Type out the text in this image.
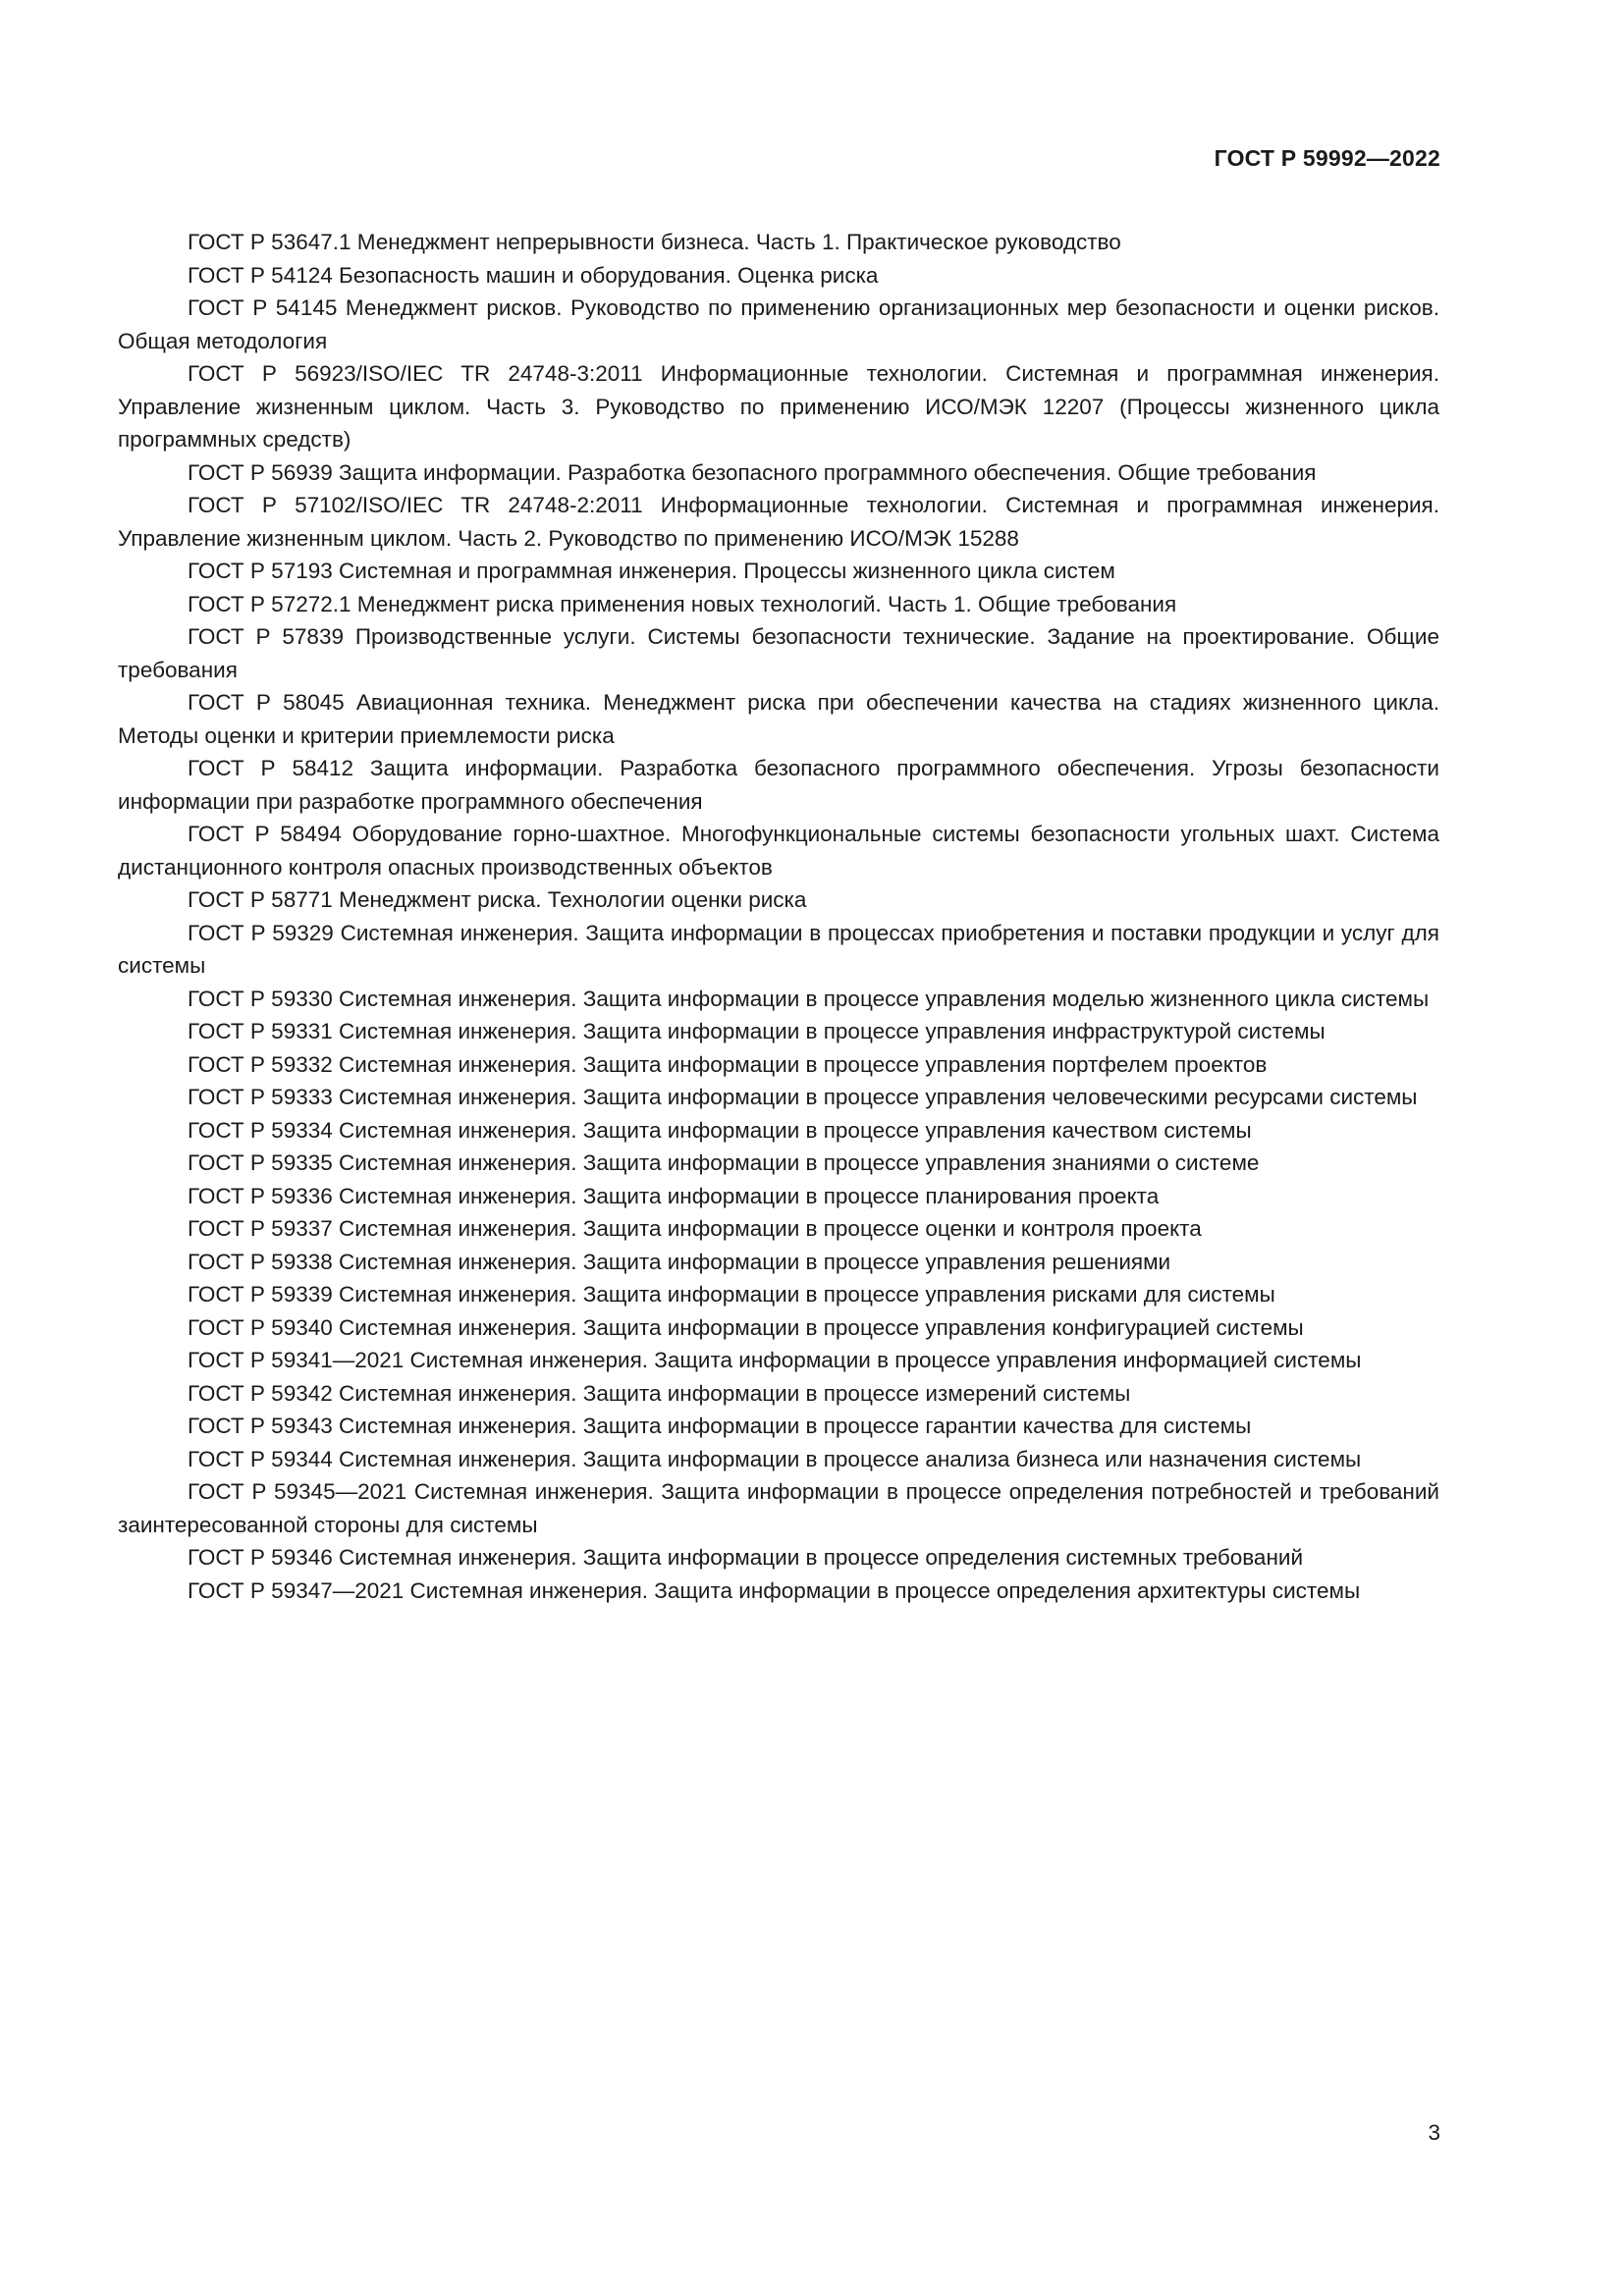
ГОСТ Р 59992—2022
ГОСТ Р 53647.1 Менеджмент непрерывности бизнеса. Часть 1. Практическое руководство
ГОСТ Р 54124 Безопасность машин и оборудования. Оценка риска
ГОСТ Р 54145 Менеджмент рисков. Руководство по применению организационных мер безопасности и оценки рисков. Общая методология
ГОСТ Р 56923/ISO/IEC TR 24748-3:2011 Информационные технологии. Системная и программная инженерия. Управление жизненным циклом. Часть 3. Руководство по применению ИСО/МЭК 12207 (Процессы жизненного цикла программных средств)
ГОСТ Р 56939 Защита информации. Разработка безопасного программного обеспечения. Общие требования
ГОСТ Р 57102/ISO/IEC TR 24748-2:2011 Информационные технологии. Системная и программная инженерия. Управление жизненным циклом. Часть 2. Руководство по применению ИСО/МЭК 15288
ГОСТ Р 57193 Системная и программная инженерия. Процессы жизненного цикла систем
ГОСТ Р 57272.1 Менеджмент риска применения новых технологий. Часть 1. Общие требования
ГОСТ Р 57839 Производственные услуги. Системы безопасности технические. Задание на проектирование. Общие требования
ГОСТ Р 58045 Авиационная техника. Менеджмент риска при обеспечении качества на стадиях жизненного цикла. Методы оценки и критерии приемлемости риска
ГОСТ Р 58412 Защита информации. Разработка безопасного программного обеспечения. Угрозы безопасности информации при разработке программного обеспечения
ГОСТ Р 58494 Оборудование горно-шахтное. Многофункциональные системы безопасности угольных шахт. Система дистанционного контроля опасных производственных объектов
ГОСТ Р 58771 Менеджмент риска. Технологии оценки риска
ГОСТ Р 59329 Системная инженерия. Защита информации в процессах приобретения и поставки продукции и услуг для системы
ГОСТ Р 59330 Системная инженерия. Защита информации в процессе управления моделью жизненного цикла системы
ГОСТ Р 59331 Системная инженерия. Защита информации в процессе управления инфраструктурой системы
ГОСТ Р 59332 Системная инженерия. Защита информации в процессе управления портфелем проектов
ГОСТ Р 59333 Системная инженерия. Защита информации в процессе управления человеческими ресурсами системы
ГОСТ Р 59334 Системная инженерия. Защита информации в процессе управления качеством системы
ГОСТ Р 59335 Системная инженерия. Защита информации в процессе управления знаниями о системе
ГОСТ Р 59336 Системная инженерия. Защита информации в процессе планирования проекта
ГОСТ Р 59337 Системная инженерия. Защита информации в процессе оценки и контроля проекта
ГОСТ Р 59338 Системная инженерия. Защита информации в процессе управления решениями
ГОСТ Р 59339 Системная инженерия. Защита информации в процессе управления рисками для системы
ГОСТ Р 59340 Системная инженерия. Защита информации в процессе управления конфигурацией системы
ГОСТ Р 59341—2021 Системная инженерия. Защита информации в процессе управления информацией системы
ГОСТ Р 59342 Системная инженерия. Защита информации в процессе измерений системы
ГОСТ Р 59343 Системная инженерия. Защита информации в процессе гарантии качества для системы
ГОСТ Р 59344 Системная инженерия. Защита информации в процессе анализа бизнеса или назначения системы
ГОСТ Р 59345—2021 Системная инженерия. Защита информации в процессе определения потребностей и требований заинтересованной стороны для системы
ГОСТ Р 59346 Системная инженерия. Защита информации в процессе определения системных требований
ГОСТ Р 59347—2021 Системная инженерия. Защита информации в процессе определения архитектуры системы
3
